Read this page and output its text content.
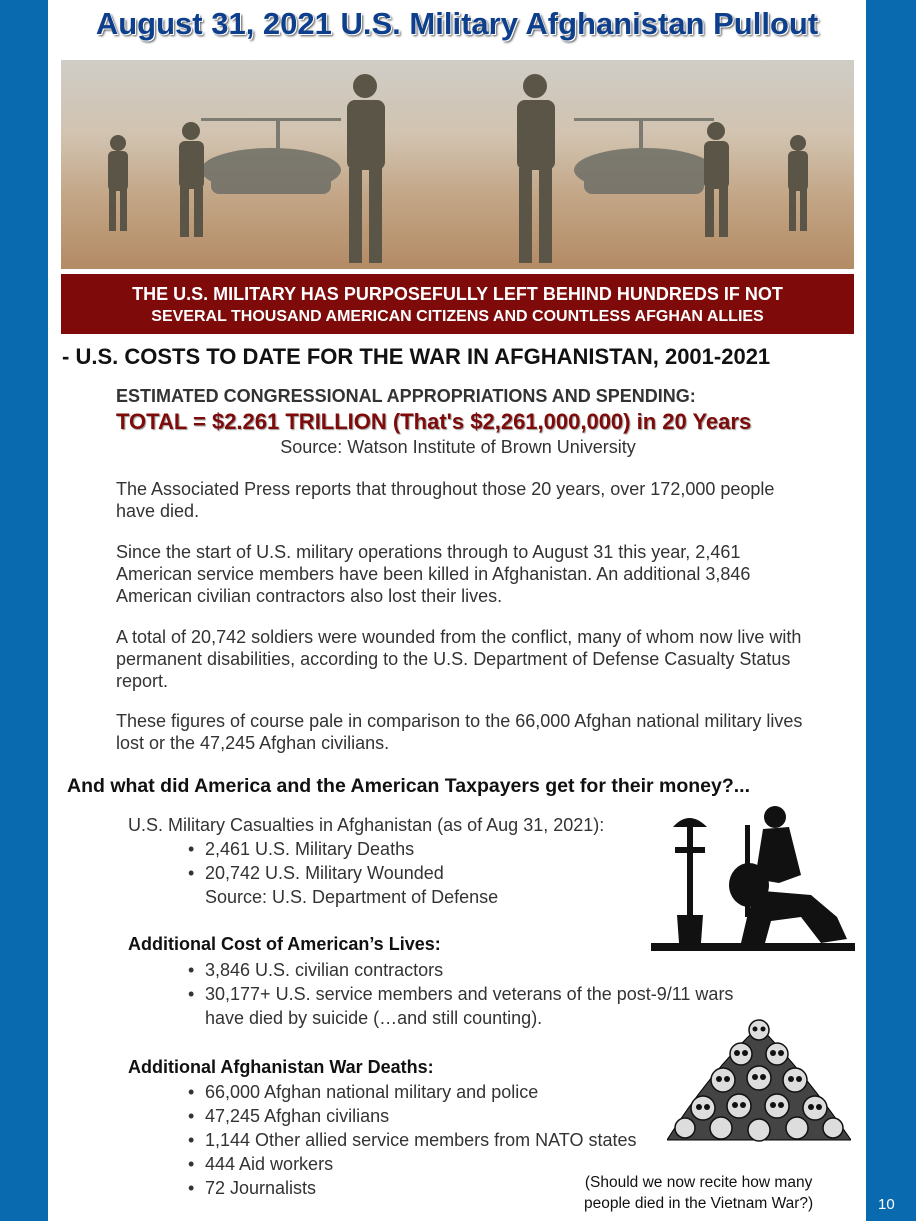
August 31, 2021 U.S. Military Afghanistan Pullout
THE U.S. MILITARY HAS PURPOSEFULLY LEFT BEHIND HUNDREDS IF NOT
SEVERAL THOUSAND AMERICAN CITIZENS AND COUNTLESS AFGHAN ALLIES
- U.S. COSTS TO DATE FOR THE WAR IN AFGHANISTAN, 2001-2021
ESTIMATED CONGRESSIONAL APPROPRIATIONS AND SPENDING:
TOTAL = $2.261 TRILLION (That's $2,261,000,000) in 20 Years
Source: Watson Institute of Brown University
The Associated Press reports that throughout those 20 years, over 172,000 people have died.
Since the start of U.S. military operations through to August 31 this year, 2,461 American service members have been killed in Afghanistan. An additional 3,846 American civilian contractors also lost their lives.
A total of 20,742 soldiers were wounded from the conflict, many of whom now live with permanent disabilities, according to the U.S. Department of Defense Casualty Status report.
These figures of course pale in comparison to the 66,000 Afghan national military lives lost or the 47,245 Afghan civilians.
And what did America and the American Taxpayers get for their money?...
U.S. Military Casualties in Afghanistan (as of Aug 31, 2021):
• 2,461 U.S. Military Deaths
• 20,742 U.S. Military Wounded
Source: U.S. Department of Defense
Additional Cost of American’s Lives:
• 3,846 U.S. civilian contractors
• 30,177+ U.S. service members and veterans of the post-9/11 wars
have died by suicide (…and still counting).
Additional Afghanistan War Deaths:
• 66,000 Afghan national military and police
• 47,245 Afghan civilians
• 1,144 Other allied service members from NATO states
• 444 Aid workers
• 72 Journalists	(Should we now recite how many
people died in the Vietnam War?)	10
